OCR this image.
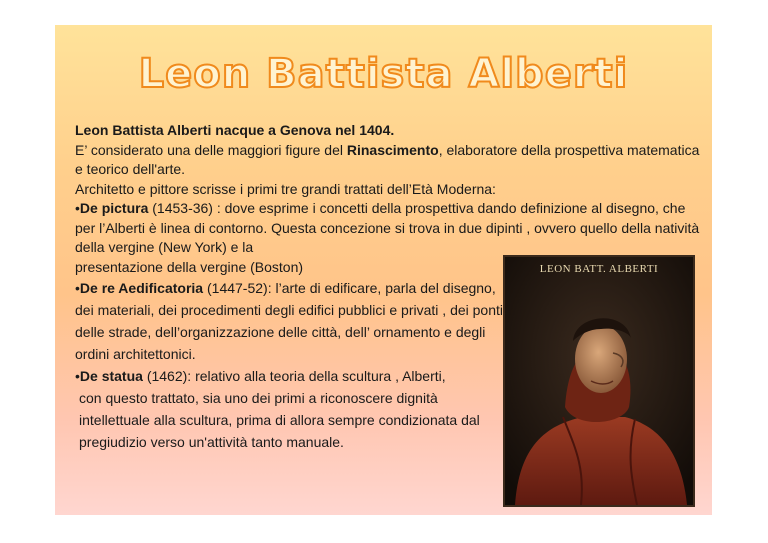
Leon Battista Alberti

Leon Battista Alberti nacque a Genova nel 1404.

E’ considerato una delle maggiori figure del Rinascimento, elaboratore della prospettiva matematica e teorico dell'arte.

Architetto e pittore scrisse i primi tre grandi trattati dell’Età Moderna:

•De pictura (1453-36) : dove esprime i concetti della prospettiva dando definizione al disegno, che per l’Alberti è linea di contorno. Questa concezione si trova in due dipinti , ovvero quello della natività della vergine (New York) e la

presentazione della vergine (Boston)

•De re Aedificatoria (1447-52): l’arte di edificare, parla del disegno, dei materiali, dei procedimenti degli edifici pubblici e privati , dei ponti delle strade, dell’organizzazione delle città, dell’ ornamento e degli ordini architettonici.

•De statua (1462): relativo alla teoria della scultura , Alberti,

con questo trattato, sia uno dei primi a riconoscere dignità intellettuale alla scultura, prima di allora sempre condizionata dal pregiudizio verso un'attività tanto manuale.

LEON BATT. ALBERTI
